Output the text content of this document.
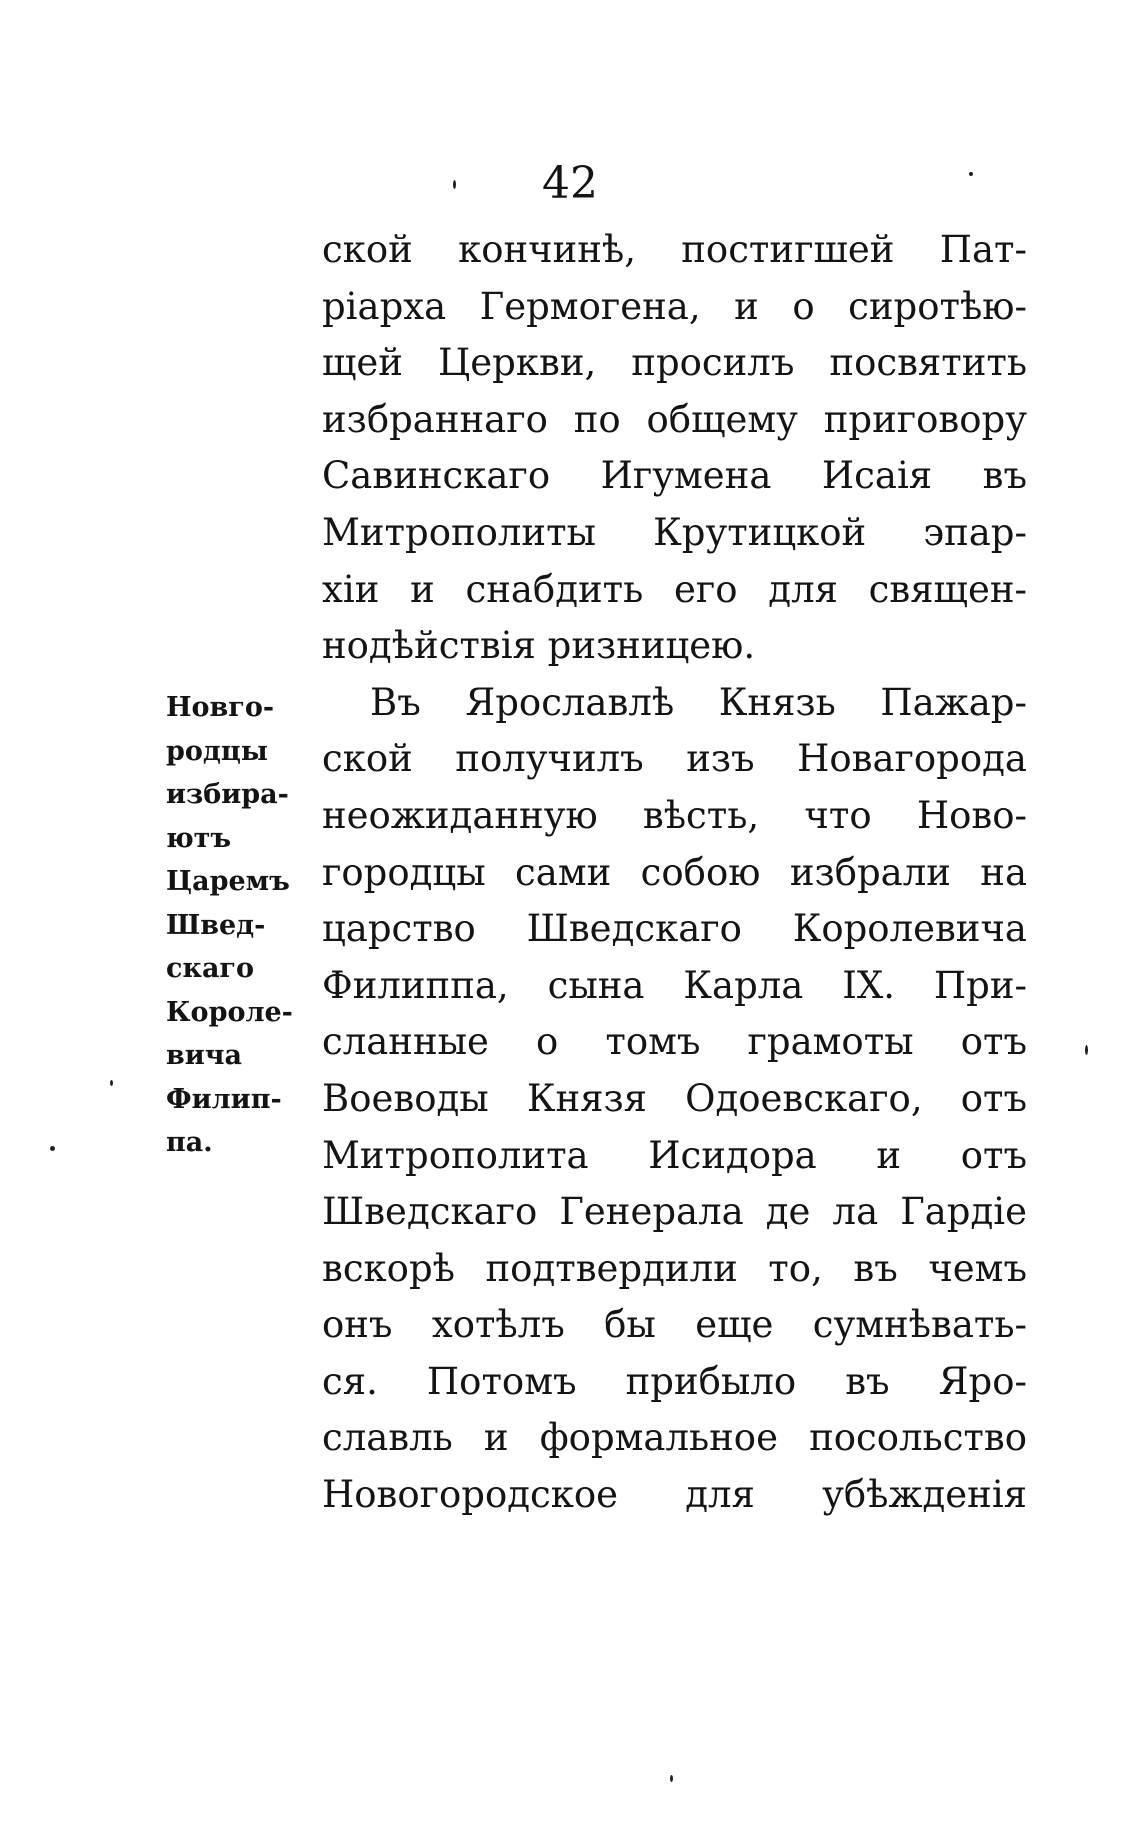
42
ской кончинѣ, постигшей Пат-
ріарха Гермогена, и о сиротѣю-
щей Церкви, просилъ посвятить
избраннаго по общему приговору
Савинскаго Игумена Исаія въ
Митрополиты Крутицкой эпар-
хіи и снабдить его для священ-
нодѣйствія ризницею.
Въ Ярославлѣ Князь Пажар-
ской получилъ изъ Новагорода
неожиданную вѣсть, что Ново-
городцы сами собою избрали на
царство Шведскаго Королевича
Филиппа, сына Карла IX. При-
сланные о томъ грамоты отъ
Воеводы Князя Одоевскаго, отъ
Митрополита Исидора и отъ
Шведскаго Генерала де ла Гардіе
вскорѣ подтвердили то, въ чемъ
онъ хотѣлъ бы еще сумнѣвать-
ся. Потомъ прибыло въ Яро-
славль и формальное посольство
Новогородское для убѣжденія
Новго-
родцы
избира-
ютъ
Царемъ
Швед-
скаго
Короле-
вича
Филип-
па.
